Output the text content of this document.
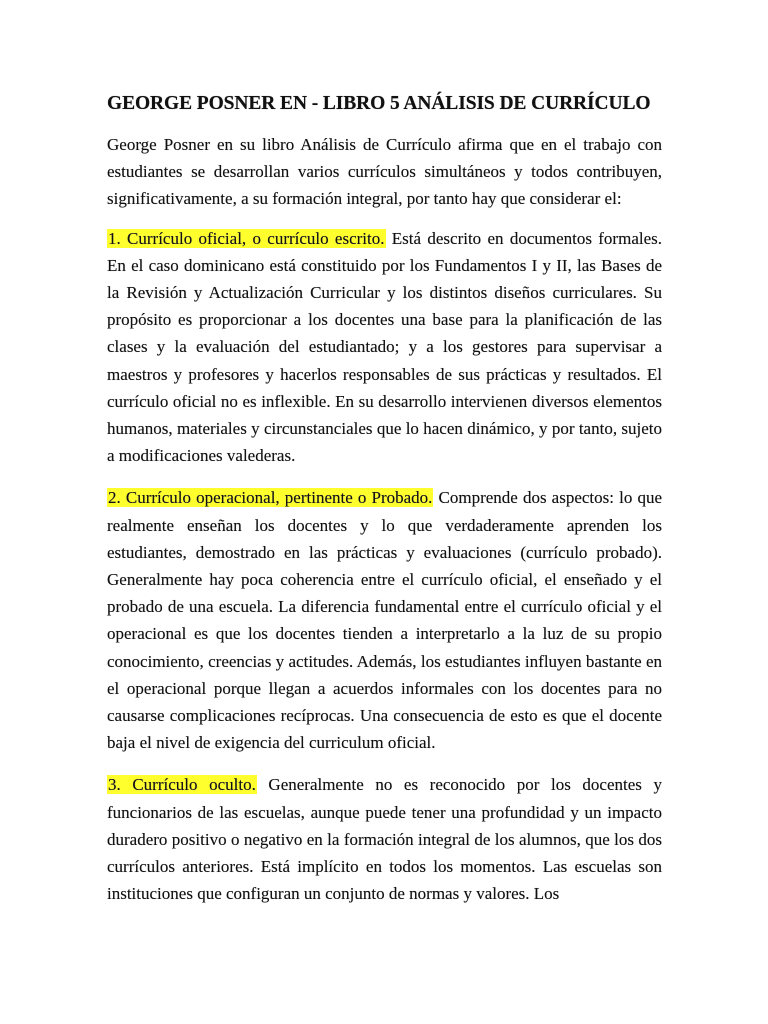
GEORGE POSNER EN - LIBRO 5 ANÁLISIS DE CURRÍCULO

George Posner en su libro Análisis de Currículo afirma que en el trabajo con estudiantes se desarrollan varios currículos simultáneos y todos contribuyen, significativamente, a su formación integral, por tanto hay que considerar el:

1. Currículo oficial, o currículo escrito. Está descrito en documentos formales. En el caso dominicano está constituido por los Fundamentos I y II, las Bases de la Revisión y Actualización Curricular y los distintos diseños curriculares. Su propósito es proporcionar a los docentes una base para la planificación de las clases y la evaluación del estudiantado; y a los gestores para supervisar a maestros y profesores y hacerlos responsables de sus prácticas y resultados. El currículo oficial no es inflexible. En su desarrollo intervienen diversos elementos humanos, materiales y circunstanciales que lo hacen dinámico, y por tanto, sujeto a modificaciones valederas.

2. Currículo operacional, pertinente o Probado. Comprende dos aspectos: lo que realmente enseñan los docentes y lo que verdaderamente aprenden los estudiantes, demostrado en las prácticas y evaluaciones (currículo probado). Generalmente hay poca coherencia entre el currículo oficial, el enseñado y el probado de una escuela. La diferencia fundamental entre el currículo oficial y el operacional es que los docentes tienden a interpretarlo a la luz de su propio conocimiento, creencias y actitudes. Además, los estudiantes influyen bastante en el operacional porque llegan a acuerdos informales con los docentes para no causarse complicaciones recíprocas. Una consecuencia de esto es que el docente baja el nivel de exigencia del curriculum oficial.

3. Currículo oculto. Generalmente no es reconocido por los docentes y funcionarios de las escuelas, aunque puede tener una profundidad y un impacto duradero positivo o negativo en la formación integral de los alumnos, que los dos currículos anteriores. Está implícito en todos los momentos. Las escuelas son instituciones que configuran un conjunto de normas y valores. Los
